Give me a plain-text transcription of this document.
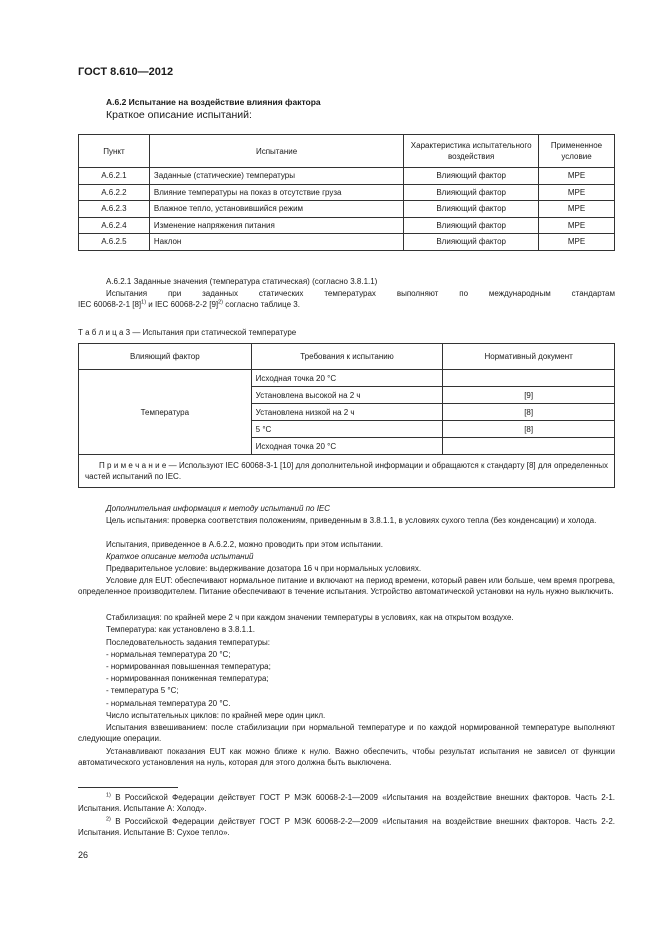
ГОСТ 8.610—2012
А.6.2 Испытание на воздействие влияния фактора
Краткое описание испытаний:
Пункт	Испытание	Характеристика испытательного воздействия	Примененное условие
А.6.2.1	Заданные (статические) температуры	Влияющий фактор	МРЕ
А.6.2.2	Влияние температуры на показ в отсутствие груза	Влияющий фактор	МРЕ
А.6.2.3	Влажное тепло, установившийся режим	Влияющий фактор	МРЕ
А.6.2.4	Изменение напряжения питания	Влияющий фактор	МРЕ
А.6.2.5	Наклон	Влияющий фактор	МРЕ
А.6.2.1 Заданные значения (температура статическая) (согласно 3.8.1.1)
Испытания при заданных статических температурах выполняют по международным стандартам
IEC 60068-2-1 $[8]^{1)}$ и IEC 60068-2-2 $[9]^{2)}$ согласно таблице 3.
Т а б л и ц а 3 — Испытания при статической температуре
Влияющий фактор	Требования к испытанию	Нормативный документ
Температура	Исходная точка 20 °С	
	Установлена высокой на 2 ч	[9]
	Установлена низкой на 2 ч	[8]
	5 °С	[8]
	Исходная точка 20 °С	
П р и м е ч а н и е — Используют IEC 60068-3-1 [10] для дополнительной информации и обращаются к стандарту [8] для определенных частей испытаний по IEC.		
Дополнительная информация к методу испытаний по IEC
Цель испытания: проверка соответствия положениям, приведенным в 3.8.1.1, в условиях сухого тепла (без конденсации) и холода.
Испытания, приведенное в А.6.2.2, можно проводить при этом испытании.
Краткое описание метода испытаний
Предварительное условие: выдерживание дозатора 16 ч при нормальных условиях.
Условие для EUT: обеспечивают нормальное питание и включают на период времени, который равен или больше, чем время прогрева, определенное производителем. Питание обеспечивают в течение испытания. Устройство автоматической установки на нуль нужно выключить.
Стабилизация: по крайней мере 2 ч при каждом значении температуры в условиях, как на открытом воздухе.
Температура: как установлено в 3.8.1.1.
Последовательность задания температуры:
- нормальная температура 20 °С;
- нормированная повышенная температура;
- нормированная пониженная температура;
- температура 5 °С;
- нормальная температура 20 °С.
Число испытательных циклов: по крайней мере один цикл.
Испытания взвешиванием: после стабилизации при нормальной температуре и по каждой нормированной температуре выполняют следующие операции.
Устанавливают показания EUT как можно ближе к нулю. Важно обеспечить, чтобы результат испытания не зависел от функции автоматического установления на нуль, которая для этого должна быть выключена.
$^{1)}$ В Российской Федерации действует ГОСТ Р МЭК 60068-2-1—2009 «Испытания на воздействие внешних факторов. Часть 2-1. Испытания. Испытание А: Холод».
$^{2)}$ В Российской Федерации действует ГОСТ Р МЭК 60068-2-2—2009 «Испытания на воздействие внешних факторов. Часть 2-2. Испытания. Испытание В: Сухое тепло».
26
